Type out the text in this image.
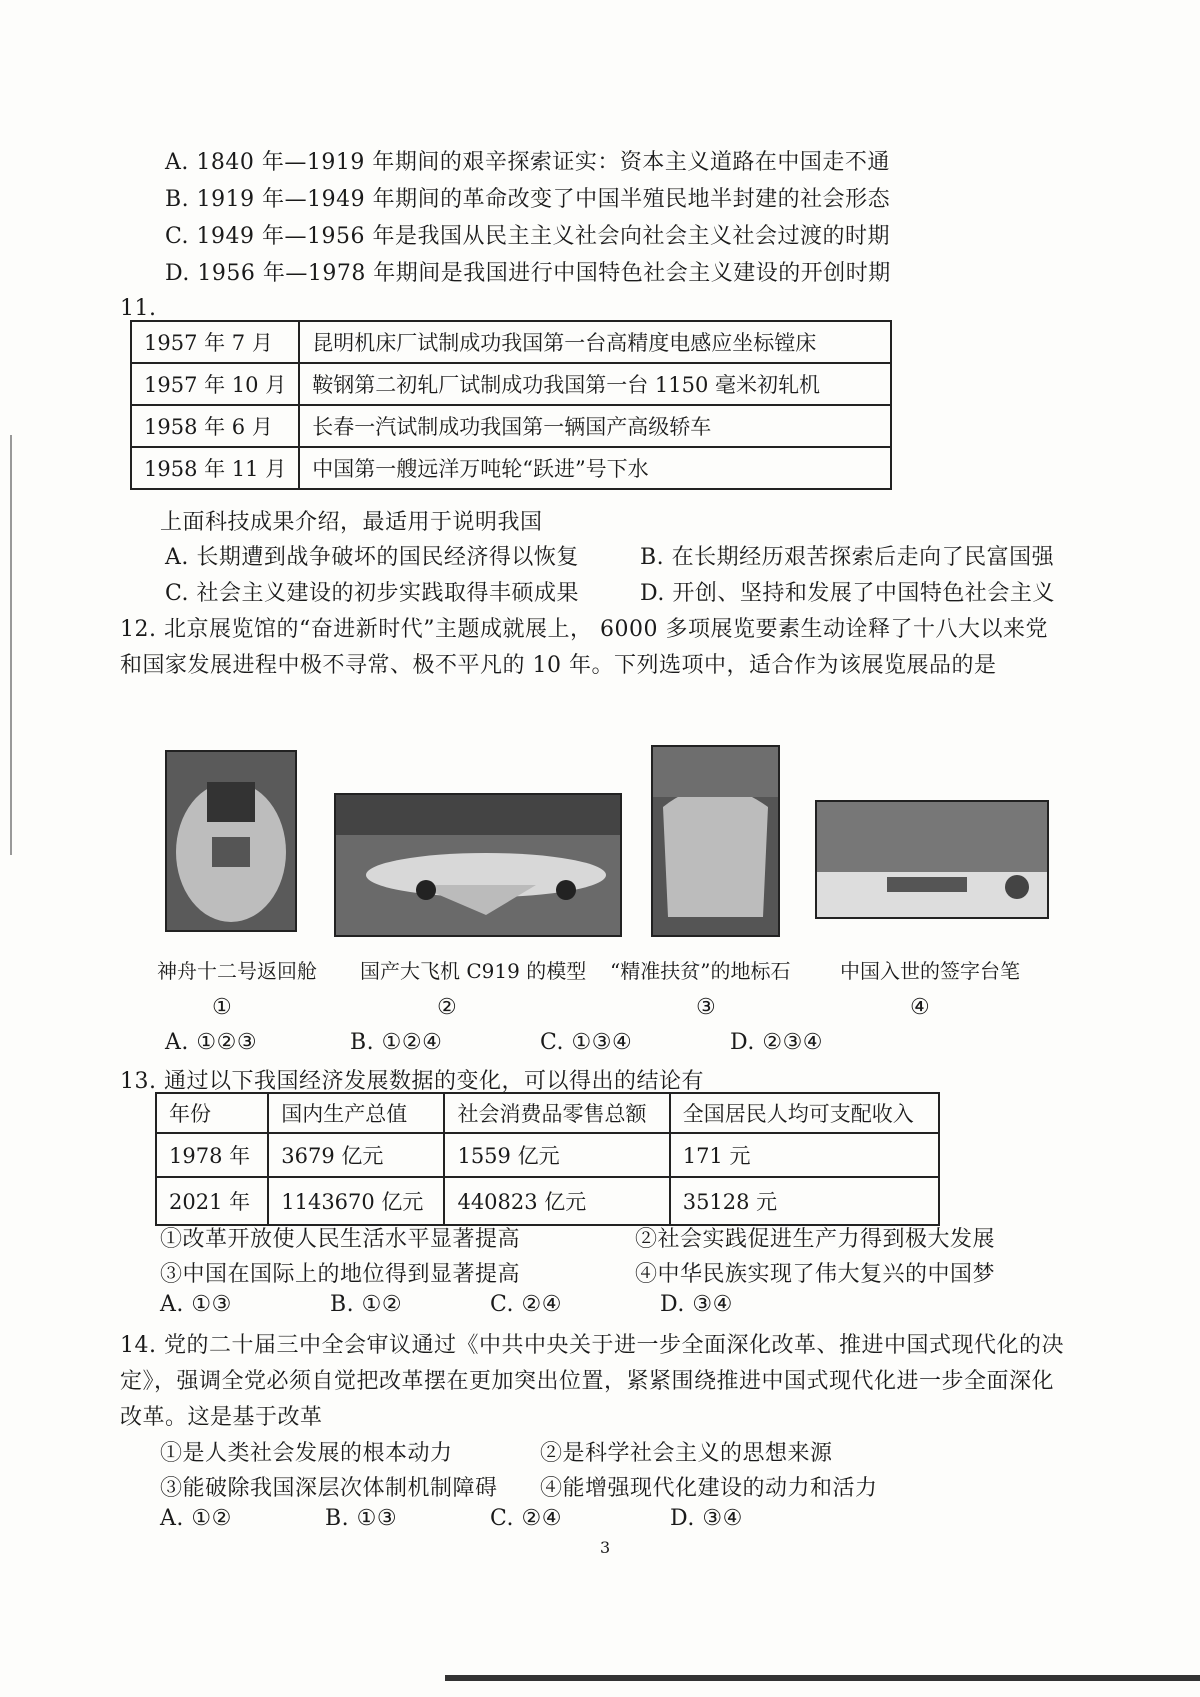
A. 1840 年—1919 年期间的艰辛探索证实：资本主义道路在中国走不通
B. 1919 年—1949 年期间的革命改变了中国半殖民地半封建的社会形态
C. 1949 年—1956 年是我国从民主主义社会向社会主义社会过渡的时期
D. 1956 年—1978 年期间是我国进行中国特色社会主义建设的开创时期
11.
1957 年 7 月	昆明机床厂试制成功我国第一台高精度电感应坐标镗床
1957 年 10 月	鞍钢第二初轧厂试制成功我国第一台 1150 毫米初轧机
1958 年 6 月	长春一汽试制成功我国第一辆国产高级轿车
1958 年 11 月	中国第一艘远洋万吨轮“跃进”号下水
上面科技成果介绍，最适用于说明我国
A. 长期遭到战争破坏的国民经济得以恢复	B. 在长期经历艰苦探索后走向了民富国强
C. 社会主义建设的初步实践取得丰硕成果	D. 开创、坚持和发展了中国特色社会主义
12. 北京展览馆的“奋进新时代”主题成就展上， 6000 多项展览要素生动诠释了十八大以来党
和国家发展进程中极不寻常、极不平凡的 10 年。下列选项中，适合作为该展览展品的是
神舟十二号返回舱 国产大飞机 C919 的模型 “精准扶贫”的地标石 中国入世的签字台笔
①	②	③	④
A. ①②③	B. ①②④	C. ①③④	D. ②③④
13. 通过以下我国经济发展数据的变化，可以得出的结论有
年份	国内生产总值	社会消费品零售总额	全国居民人均可支配收入
1978 年	3679 亿元	1559 亿元	171 元
2021 年	1143670 亿元	440823 亿元	35128 元
①改革开放使人民生活水平显著提高	②社会实践促进生产力得到极大发展
③中国在国际上的地位得到显著提高	④中华民族实现了伟大复兴的中国梦
A. ①③	B. ①②	C. ②④	D. ③④
14. 党的二十届三中全会审议通过《中共中央关于进一步全面深化改革、推进中国式现代化的决
定》，强调全党必须自觉把改革摆在更加突出位置，紧紧围绕推进中国式现代化进一步全面深化
改革。这是基于改革
①是人类社会发展的根本动力	②是科学社会主义的思想来源
③能破除我国深层次体制机制障碍 ④能增强现代化建设的动力和活力
A. ①②	B. ①③	C. ②④	D. ③④
3
